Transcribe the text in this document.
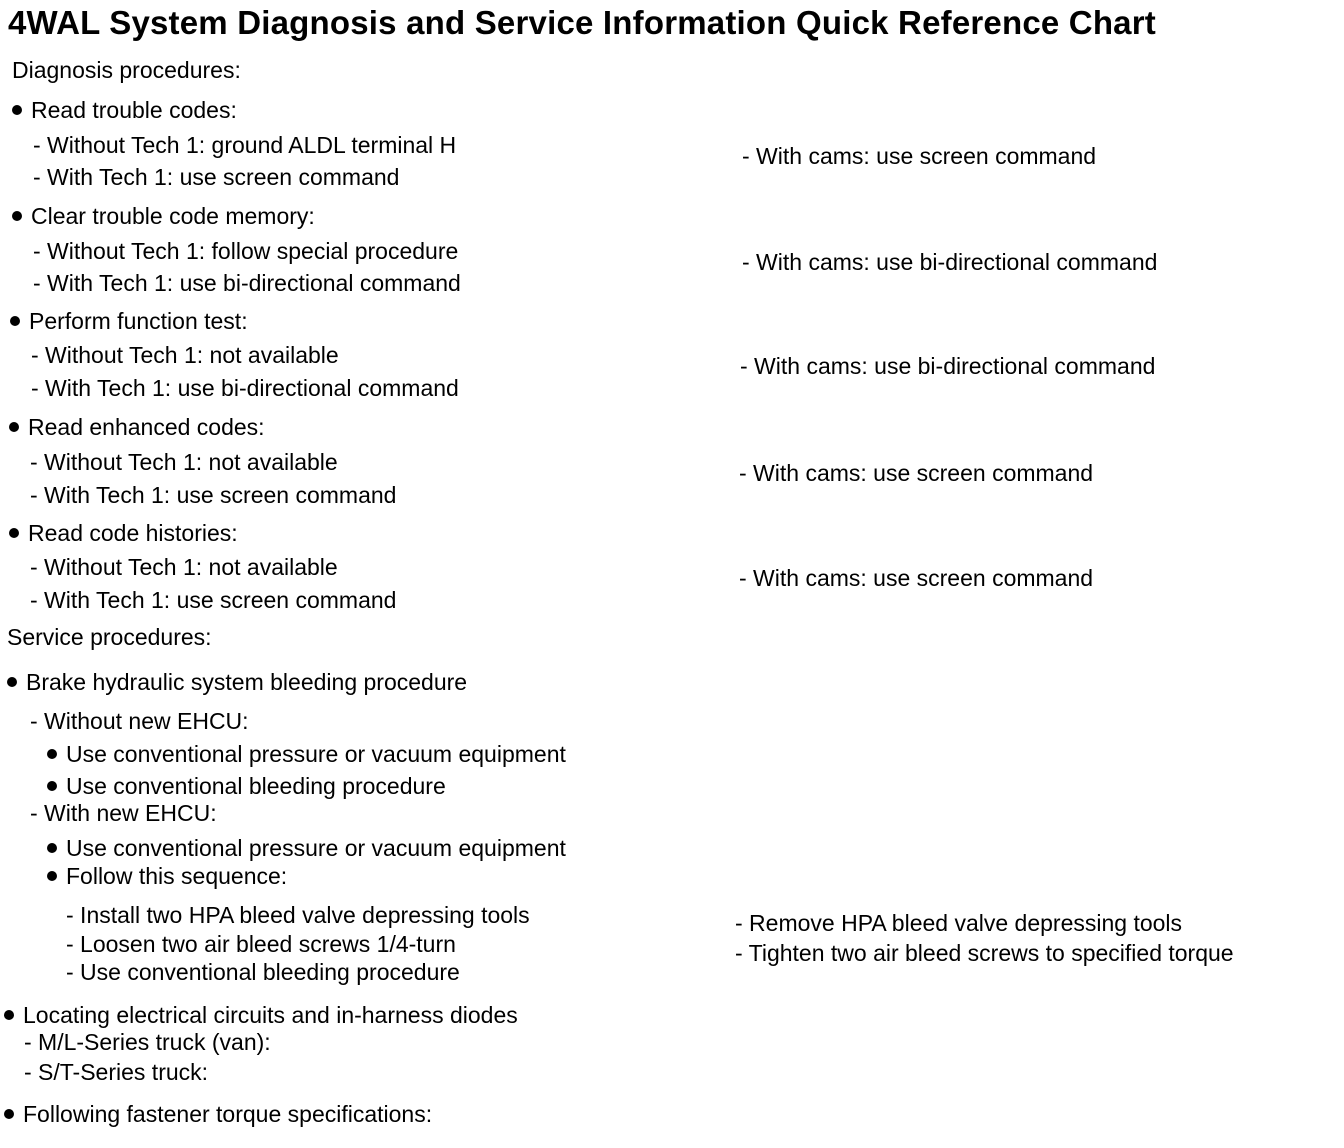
4WAL System Diagnosis and Service Information Quick Reference Chart
Diagnosis procedures:
Read trouble codes:
- Without Tech 1: ground ALDL terminal H
- With Tech 1: use screen command
- With cams: use screen command
Clear trouble code memory:
- Without Tech 1: follow special procedure
- With Tech 1: use bi-directional command
- With cams: use bi-directional command
Perform function test:
- Without Tech 1: not available
- With Tech 1: use bi-directional command
- With cams: use bi-directional command
Read enhanced codes:
- Without Tech 1: not available
- With Tech 1: use screen command
- With cams: use screen command
Read code histories:
- Without Tech 1: not available
- With Tech 1: use screen command
- With cams: use screen command
Service procedures:
Brake hydraulic system bleeding procedure
- Without new EHCU:
Use conventional pressure or vacuum equipment
Use conventional bleeding procedure
- With new EHCU:
Use conventional pressure or vacuum equipment
Follow this sequence:
- Install two HPA bleed valve depressing tools
- Loosen two air bleed screws 1/4-turn
- Use conventional bleeding procedure
- Remove HPA bleed valve depressing tools
- Tighten two air bleed screws to specified torque
Locating electrical circuits and in-harness diodes
- M/L-Series truck (van):
- S/T-Series truck:
Following fastener torque specifications:
